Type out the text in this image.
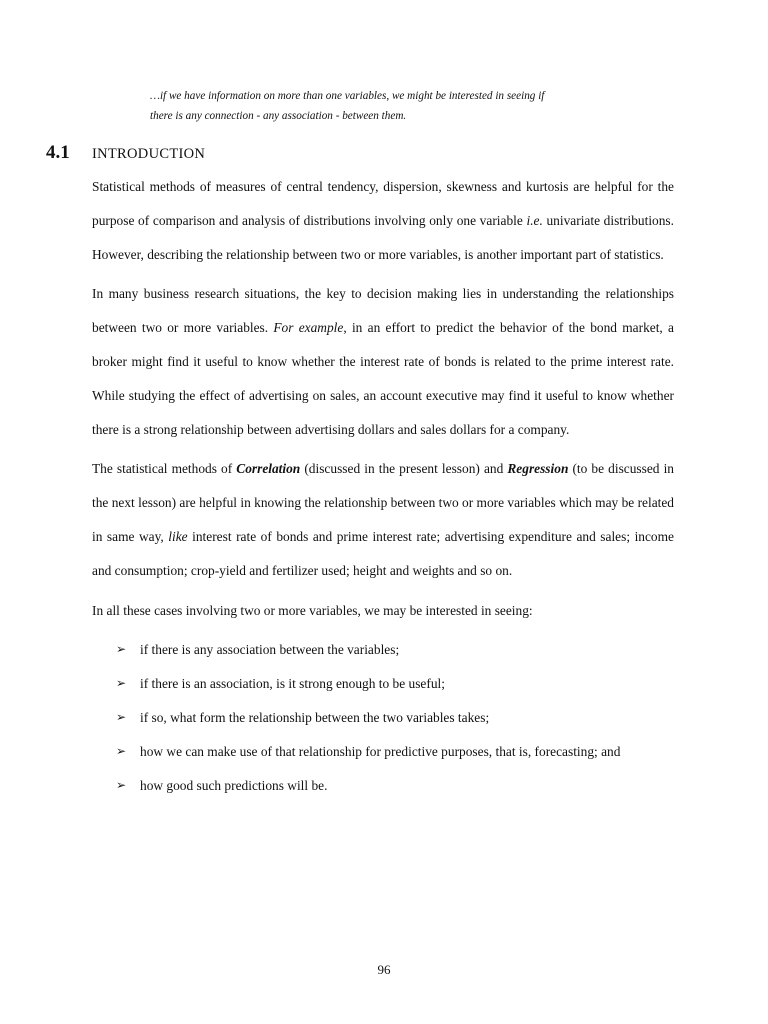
…if we have information on more than one variables, we might be interested in seeing if
there is any connection - any association - between them.
4.1	INTRODUCTION

Statistical methods of measures of central tendency, dispersion, skewness and kurtosis are helpful for the purpose of comparison and analysis of distributions involving only one variable i.e. univariate distributions. However, describing the relationship between two or more variables, is another important part of statistics.

In many business research situations, the key to decision making lies in understanding the relationships between two or more variables. For example, in an effort to predict the behavior of the bond market, a broker might find it useful to know whether the interest rate of bonds is related to the prime interest rate. While studying the effect of advertising on sales, an account executive may find it useful to know whether there is a strong relationship between advertising dollars and sales dollars for a company.

The statistical methods of Correlation (discussed in the present lesson) and Regression (to be discussed in the next lesson) are helpful in knowing the relationship between two or more variables which may be related in same way, like interest rate of bonds and prime interest rate; advertising expenditure and sales; income and consumption; crop-yield and fertilizer used; height and weights and so on.

In all these cases involving two or more variables, we may be interested in seeing:

➢	if there is any association between the variables;
➢	if there is an association, is it strong enough to be useful;
➢	if so, what form the relationship between the two variables takes;
➢	how we can make use of that relationship for predictive purposes, that is, forecasting; and
➢	how good such predictions will be.
96
